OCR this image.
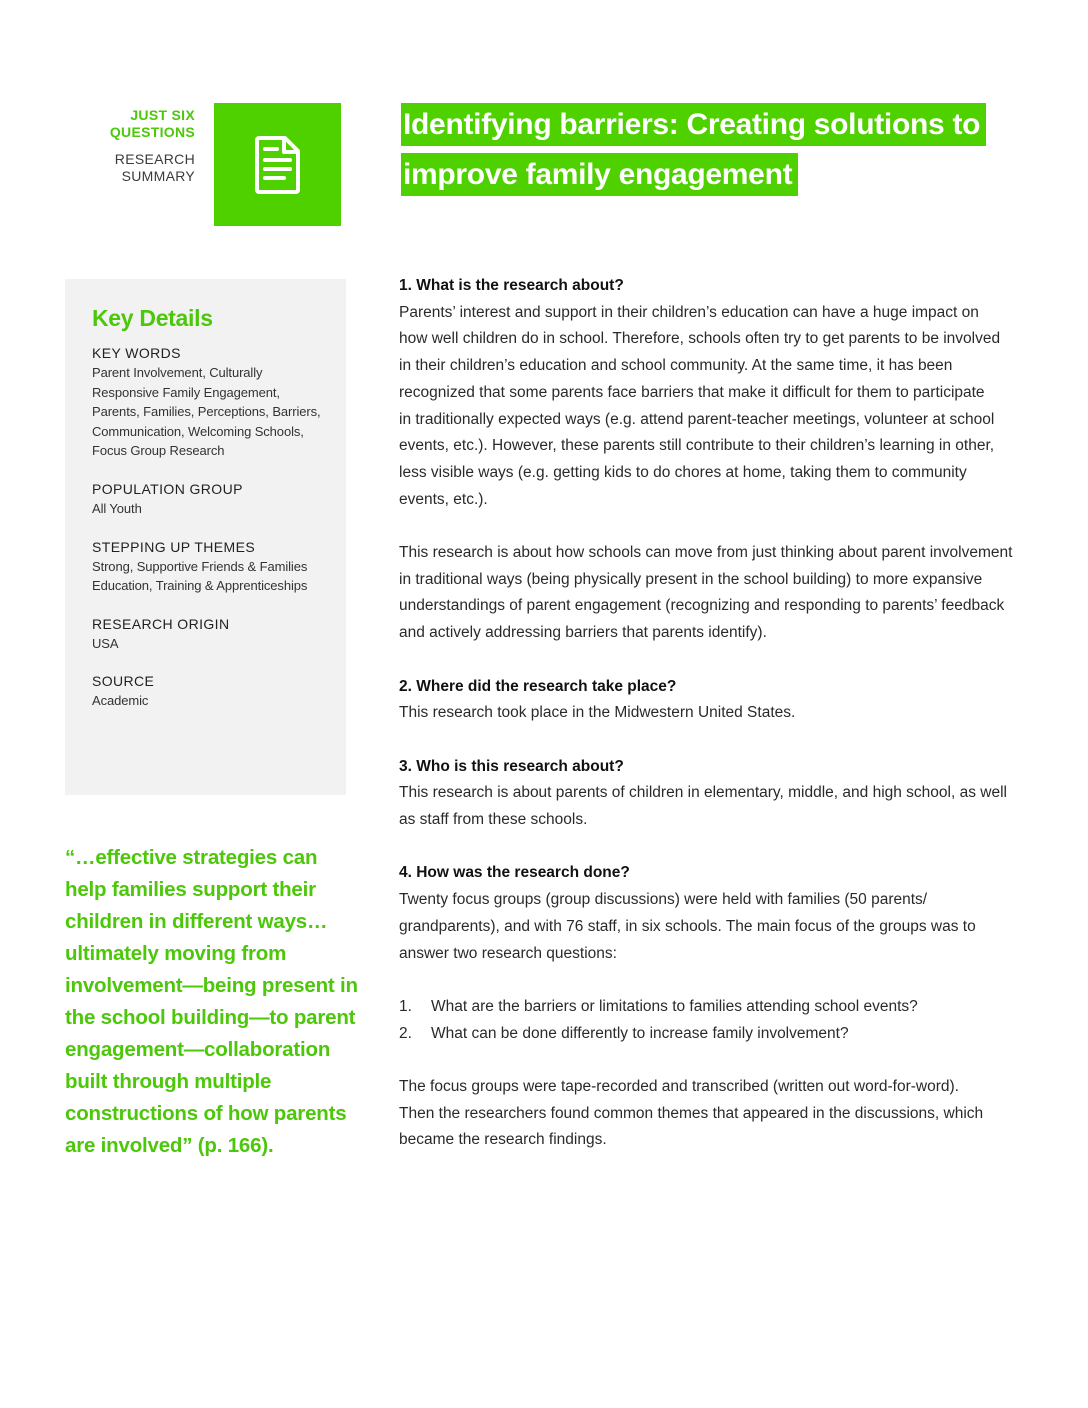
JUST SIX
QUESTIONS
RESEARCH
SUMMARY
Identifying barriers: Creating solutions to
improve family engagement
Key Details
KEY WORDS
Parent Involvement, Culturally
Responsive Family Engagement,
Parents, Families, Perceptions, Barriers,
Communication, Welcoming Schools,
Focus Group Research
POPULATION GROUP
All Youth
STEPPING UP THEMES
Strong, Supportive Friends & Families
Education, Training & Apprenticeships
RESEARCH ORIGIN
USA
SOURCE
Academic
“…effective strategies can
help families support their
children in different ways…
ultimately moving from
involvement—being present in
the school building—to parent
engagement—collaboration
built through multiple
constructions of how parents
are involved” (p. 166).
1. What is the research about?
Parents’ interest and support in their children’s education can have a huge impact on
how well children do in school. Therefore, schools often try to get parents to be involved
in their children’s education and school community. At the same time, it has been
recognized that some parents face barriers that make it difficult for them to participate
in traditionally expected ways (e.g. attend parent-teacher meetings, volunteer at school
events, etc.). However, these parents still contribute to their children’s learning in other,
less visible ways (e.g. getting kids to do chores at home, taking them to community
events, etc.).
This research is about how schools can move from just thinking about parent involvement
in traditional ways (being physically present in the school building) to more expansive
understandings of parent engagement (recognizing and responding to parents’ feedback
and actively addressing barriers that parents identify).
2. Where did the research take place?
This research took place in the Midwestern United States.
3. Who is this research about?
This research is about parents of children in elementary, middle, and high school, as well
as staff from these schools.
4. How was the research done?
Twenty focus groups (group discussions) were held with families (50 parents/
grandparents), and with 76 staff, in six schools. The main focus of the groups was to
answer two research questions:
1.	What are the barriers or limitations to families attending school events?
2.	What can be done differently to increase family involvement?
The focus groups were tape-recorded and transcribed (written out word-for-word).
Then the researchers found common themes that appeared in the discussions, which
became the research findings.
